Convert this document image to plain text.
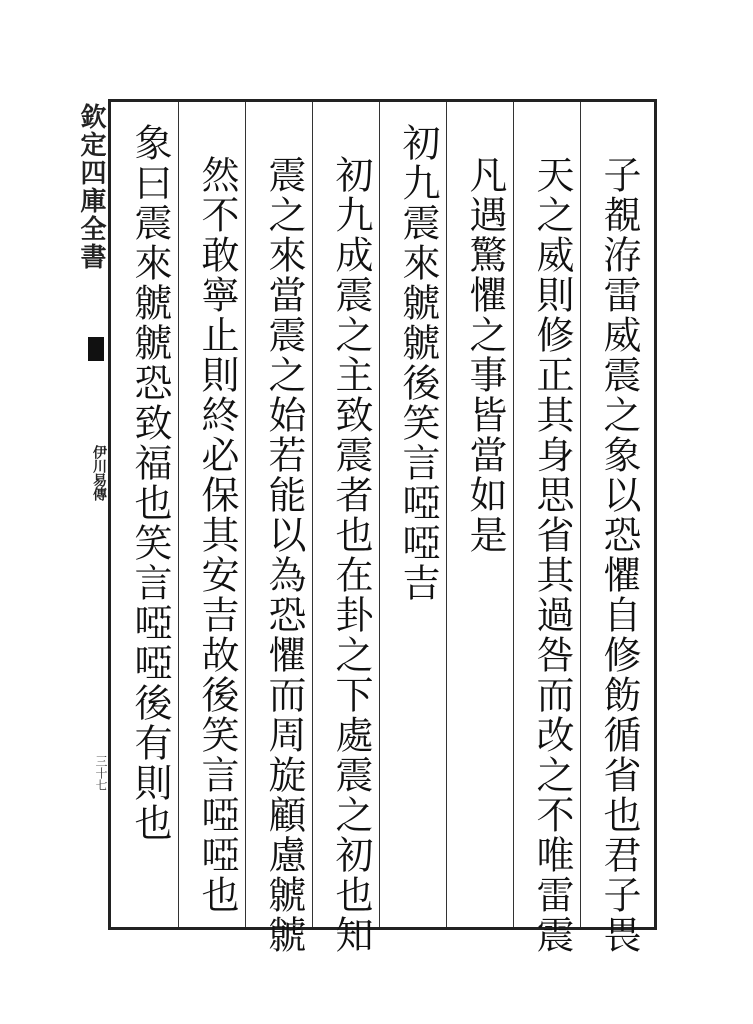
欽定四庫全書
伊川易傳
三十七	子覩洊雷威震之象以恐懼自修飭循省也君子畏
天之威則修正其身思省其過咎而改之不唯雷震
凡遇驚懼之事皆當如是
初九震來虩虩後笑言啞啞吉
初九成震之主致震者也在卦之下處震之初也知
震之來當震之始若能以為恐懼而周旋顧慮虩虩
然不敢寧止則終必保其安吉故後笑言啞啞也
象曰震來虩虩恐致福也笑言啞啞後有則也
